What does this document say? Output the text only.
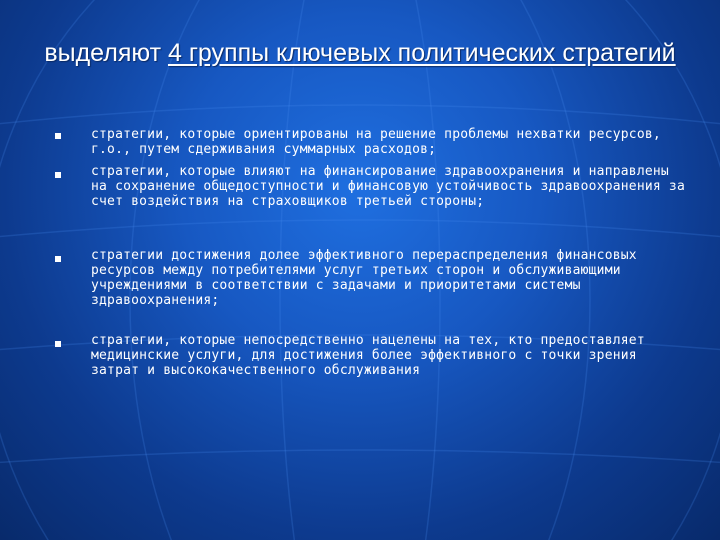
выделяют 4 группы ключевых политических стратегий
стратегии, которые ориентированы на решение проблемы нехватки ресурсов, г.о., путем сдерживания суммарных расходов;
стратегии, которые влияют на финансирование здравоохранения и направлены на сохранение общедоступности и финансовую устойчивость здравоохранения за счет воздействия на страховщиков третьей стороны;
стратегии достижения долее эффективного перераспределения финансовых ресурсов между потребителями услуг третьих сторон и обслуживающими учреждениями в соответствии с задачами и приоритетами системы здравоохранения;
стратегии, которые непосредственно нацелены на тех, кто предоставляет медицинские услуги, для достижения более эффективного с точки зрения затрат и высококачественного обслуживания
